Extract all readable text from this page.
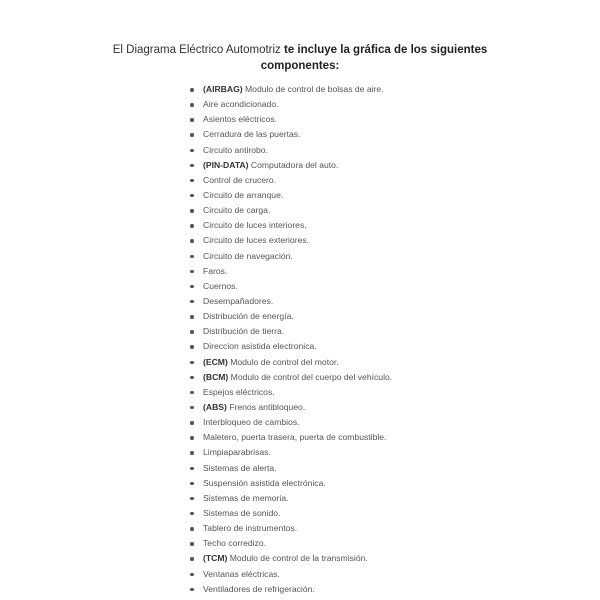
El Diagrama Eléctrico Automotriz te incluye la gráfica de los siguientes
componentes:
(AIRBAG) Modulo de control de bolsas de aire.
Aire acondicionado.
Asientos eléctricos.
Cerradura de las puertas.
Circuito antirobo.
(PIN-DATA) Computadora del auto.
Control de crucero.
Circuito de arranque.
Circuito de carga.
Circuito de luces interiores.
Circuito de luces exteriores.
Circuito de navegación.
Faros.
Cuernos.
Desempañadores.
Distribución de energía.
Distribución de tierra.
Direccion asistida electronica.
(ECM) Modulo de control del motor.
(BCM) Modulo de control del cuerpo del vehículo.
Espejos eléctricos.
(ABS) Frenos antibloqueo.
Interbloqueo de cambios.
Maletero, puerta trasera, puerta de combustible.
Limpiaparabrisas.
Sistemas de alerta.
Suspensión asistida electrónica.
Sistemas de memoria.
Sistemas de sonido.
Tablero de instrumentos.
Techo corredizo.
(TCM) Modulo de control de la transmisión.
Ventanas eléctricas.
Ventiladores de refrigeración.
